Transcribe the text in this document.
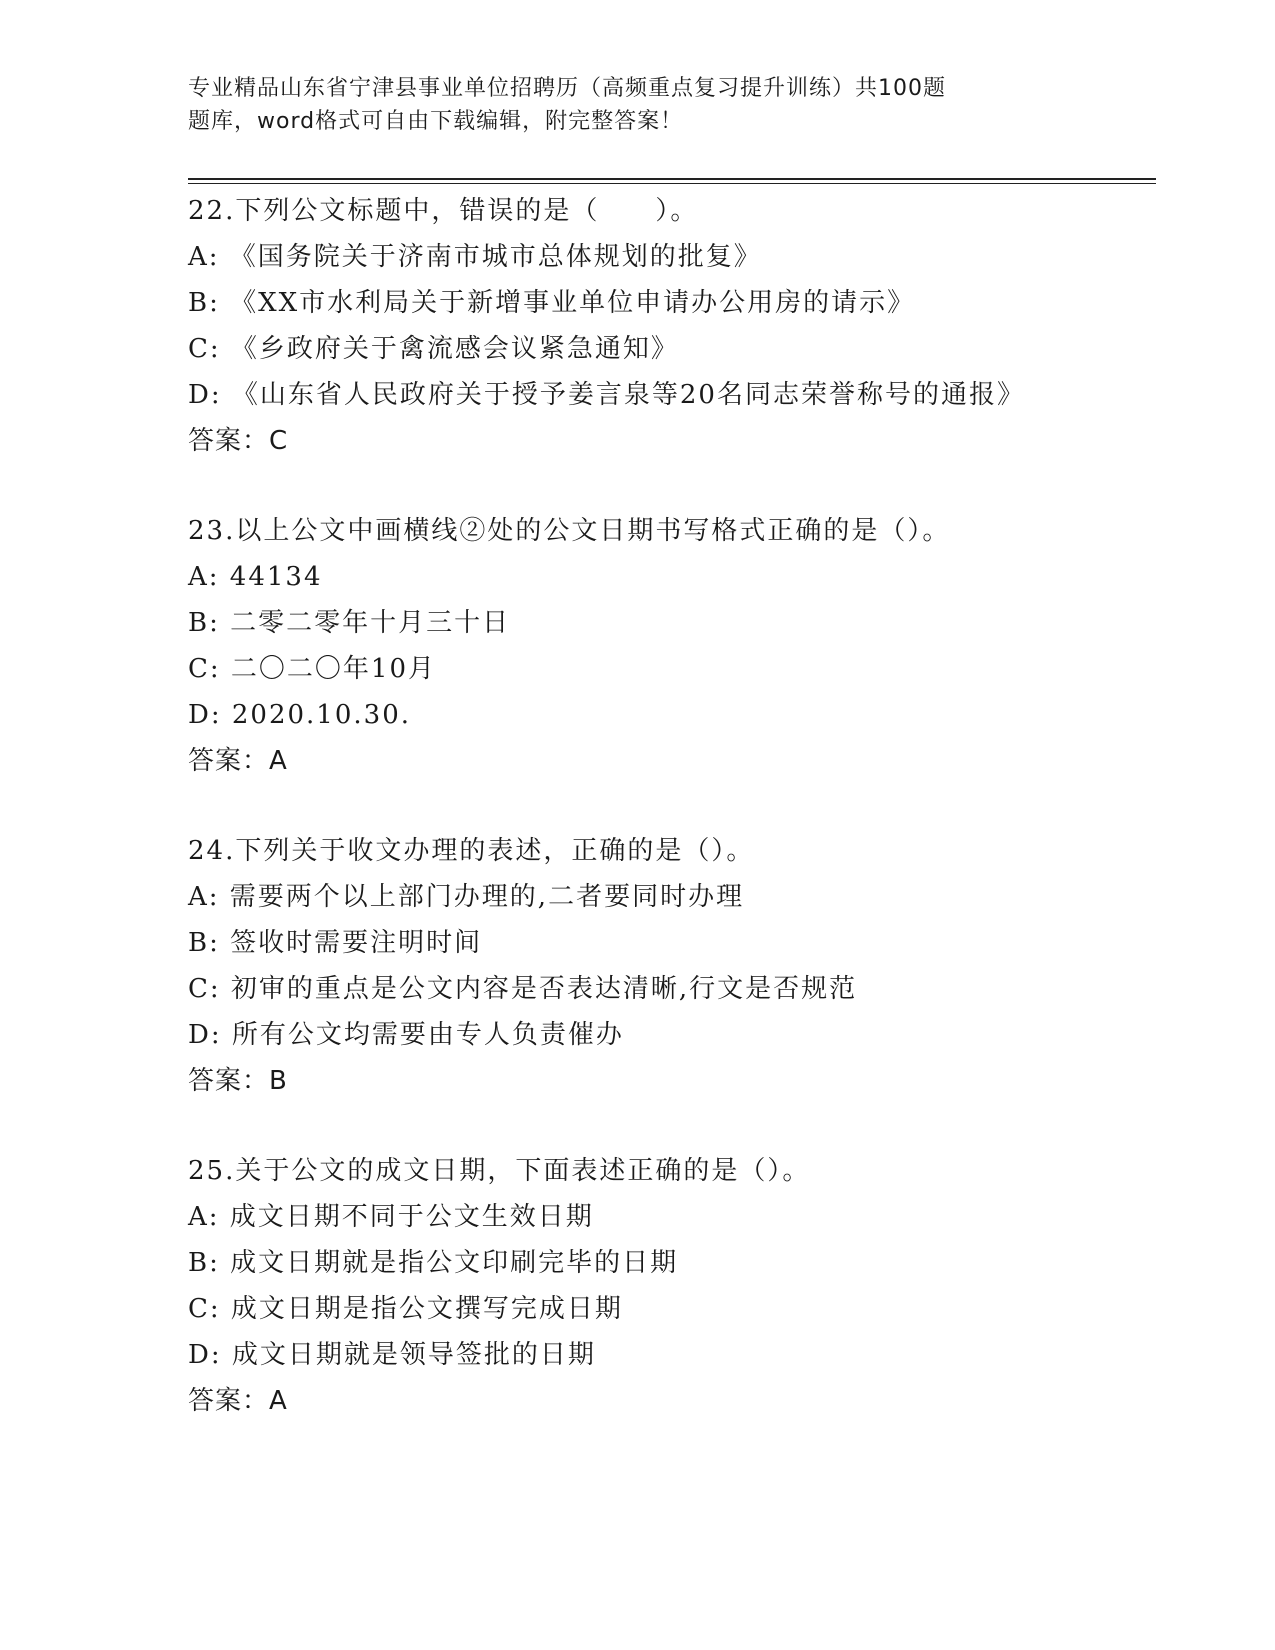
专业精品山东省宁津县事业单位招聘历（高频重点复习提升训练）共100题
题库，word格式可自由下载编辑，附完整答案！
22.下列公文标题中，错误的是（　　）。
A: 《国务院关于济南市城市总体规划的批复》
B: 《XX市水利局关于新增事业单位申请办公用房的请示》
C: 《乡政府关于禽流感会议紧急通知》
D: 《山东省人民政府关于授予姜言泉等20名同志荣誉称号的通报》
答案：C
23.以上公文中画横线②处的公文日期书写格式正确的是（）。
A: 44134
B: 二零二零年十月三十日
C: 二〇二〇年10月
D: 2020.10.30.
答案：A
24.下列关于收文办理的表述，正确的是（）。
A: 需要两个以上部门办理的,二者要同时办理
B: 签收时需要注明时间
C: 初审的重点是公文内容是否表达清晰,行文是否规范
D: 所有公文均需要由专人负责催办
答案：B
25.关于公文的成文日期，下面表述正确的是（）。
A: 成文日期不同于公文生效日期
B: 成文日期就是指公文印刷完毕的日期
C: 成文日期是指公文撰写完成日期
D: 成文日期就是领导签批的日期
答案：A
